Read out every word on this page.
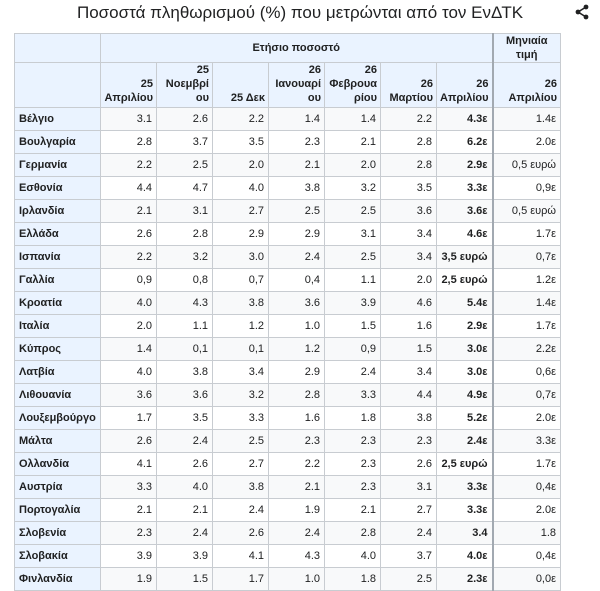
Ποσοστά πληθωρισμού (%) που μετρώνται από τον ΕνΔΤΚ
	Ετήσιο ποσοστό							Μηνιαία τιμή
	25 Απριλίου	25 Νοεμβρί ου	25 Δεκ	26 Ιανουαρί ου	26 Φεβρουα ρίου	26 Μαρτίου	26 Απριλίου	26 Απριλίου
Βέλγιο	3.1	2.6	2.2	1.4	1.4	2.2	4.3ε	1.4ε
Βουλγαρία	2.8	3.7	3.5	2.3	2.1	2.8	6.2ε	2.0ε
Γερμανία	2.2	2.5	2.0	2.1	2.0	2.8	2.9ε	0,5 ευρώ
Εσθονία	4.4	4.7	4.0	3.8	3.2	3.5	3.3ε	0,9ε
Ιρλανδία	2.1	3.1	2.7	2.5	2.5	3.6	3.6ε	0,5 ευρώ
Ελλάδα	2.6	2.8	2.9	2.9	3.1	3.4	4.6ε	1.7ε
Ισπανία	2.2	3.2	3.0	2.4	2.5	3.4	3,5 ευρώ	0,7ε
Γαλλία	0,9	0,8	0,7	0,4	1.1	2.0	2,5 ευρώ	1.2ε
Κροατία	4.0	4.3	3.8	3.6	3.9	4.6	5.4ε	1.4ε
Ιταλία	2.0	1.1	1.2	1.0	1.5	1.6	2.9ε	1.7ε
Κύπρος	1.4	0,1	0,1	1.2	0,9	1.5	3.0ε	2.2ε
Λατβία	4.0	3.8	3.4	2.9	2.4	3.4	3.0ε	0,6ε
Λιθουανία	3.6	3.6	3.2	2.8	3.3	4.4	4.9ε	0,7ε
Λουξεμβούργο	1.7	3.5	3.3	1.6	1.8	3.8	5.2ε	2.0ε
Μάλτα	2.6	2.4	2.5	2.3	2.3	2.3	2.4ε	3.3ε
Ολλανδία	4.1	2.6	2.7	2.2	2.3	2.6	2,5 ευρώ	1.7ε
Αυστρία	3.3	4.0	3.8	2.1	2.3	3.1	3.3ε	0,4ε
Πορτογαλία	2.1	2.1	2.4	1.9	2.1	2.7	3.3ε	2.0ε
Σλοβενία	2.3	2.4	2.6	2.4	2.8	2.4	3.4	1.8
Σλοβακία	3.9	3.9	4.1	4.3	4.0	3.7	4.0ε	0,4ε
Φινλανδία	1.9	1.5	1.7	1.0	1.8	2.5	2.3ε	0,0ε
